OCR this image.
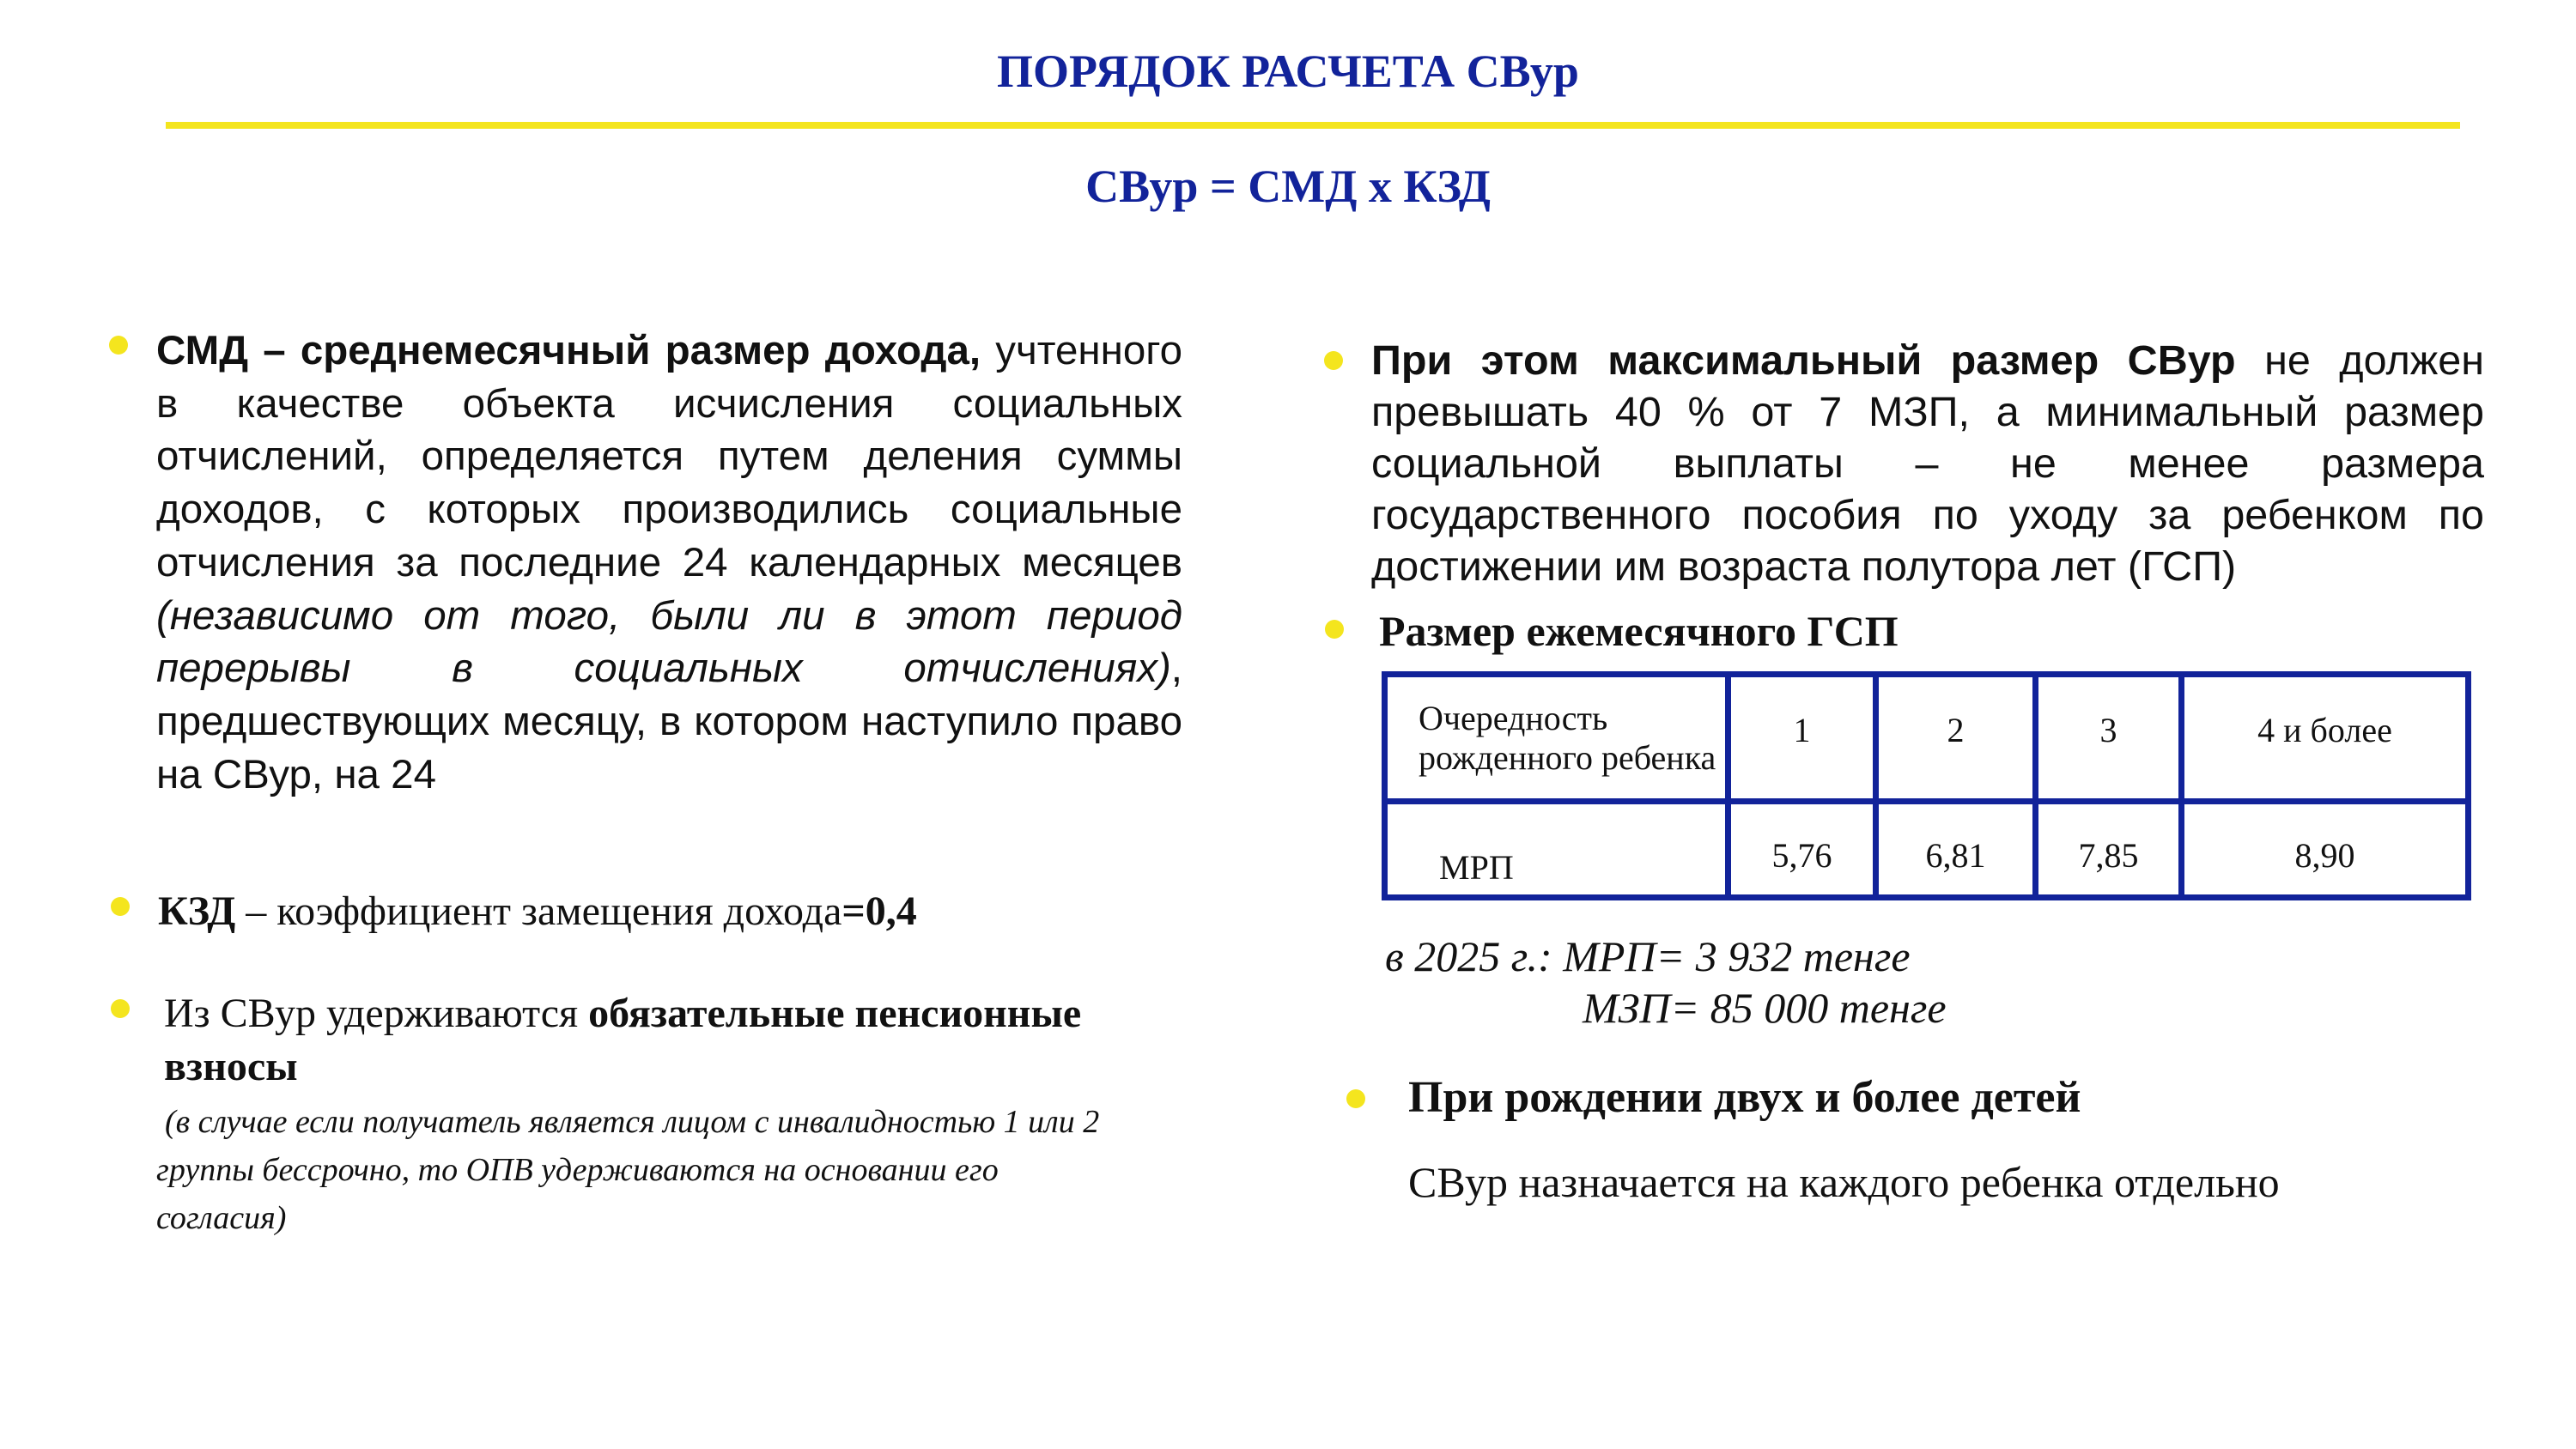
ПОРЯДОК РАСЧЕТА СВур
СВур = СМД х КЗД
СМД – среднемесячный размер дохода, учтенного в качестве объекта исчисления социальных отчислений, определяется путем деления суммы доходов, с которых производились социальные отчисления за последние 24 календарных месяцев (независимо от того, были ли в этот период перерывы в социальных отчислениях), предшествующих месяцу, в котором наступило право на СВур, на 24
КЗД – коэффициент замещения дохода=0,4
Из СВур удерживаются обязательные пенсионные взносы
(в случае если получатель является лицом с инвалидностью 1 или 2 группы бессрочно, то ОПВ удерживаются на основании его согласия)
При этом максимальный размер СВур не должен превышать 40 % от 7 МЗП, а минимальный размер социальной выплаты – не менее размера государственного пособия по уходу за ребенком по достижении им возраста полутора лет (ГСП)
Размер ежемесячного ГСП
Очередность рожденного ребенка	1	2	3	4 и более
МРП	5,76	6,81	7,85	8,90
в 2025 г.: МРП= 3 932 тенге
МЗП= 85 000 тенге
При рождении двух и более детей
СВур назначается на каждого ребенка отдельно
